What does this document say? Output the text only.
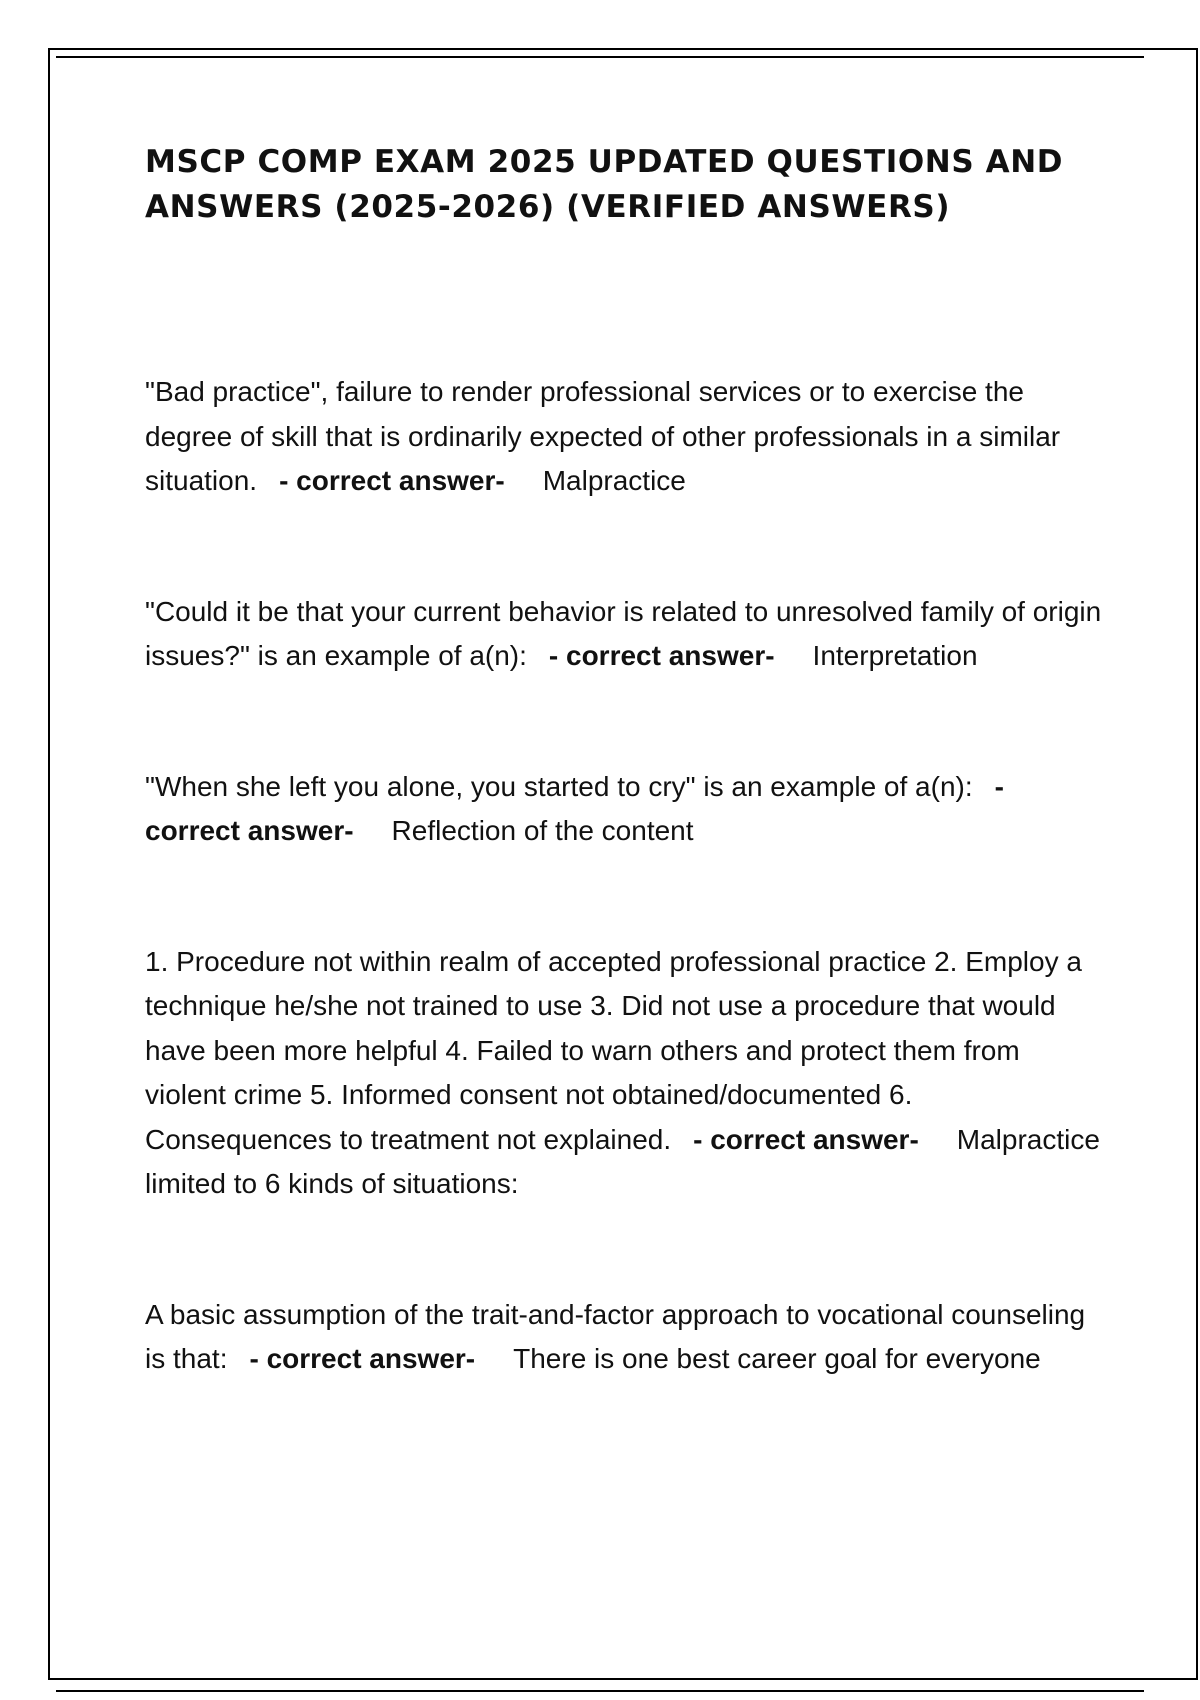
MSCP COMP EXAM 2025 UPDATED QUESTIONS AND ANSWERS (2025-2026) (VERIFIED ANSWERS)

"Bad practice", failure to render professional services or to exercise the degree of skill that is ordinarily expected of other professionals in a similar situation. - correct answer- Malpractice

"Could it be that your current behavior is related to unresolved family of origin issues?" is an example of a(n): - correct answer- Interpretation

"When she left you alone, you started to cry" is an example of a(n): - correct answer- Reflection of the content

1. Procedure not within realm of accepted professional practice 2. Employ a technique he/she not trained to use 3. Did not use a procedure that would have been more helpful 4. Failed to warn others and protect them from violent crime 5. Informed consent not obtained/documented 6. Consequences to treatment not explained. - correct answer- Malpractice limited to 6 kinds of situations:

A basic assumption of the trait-and-factor approach to vocational counseling is that: - correct answer- There is one best career goal for everyone
